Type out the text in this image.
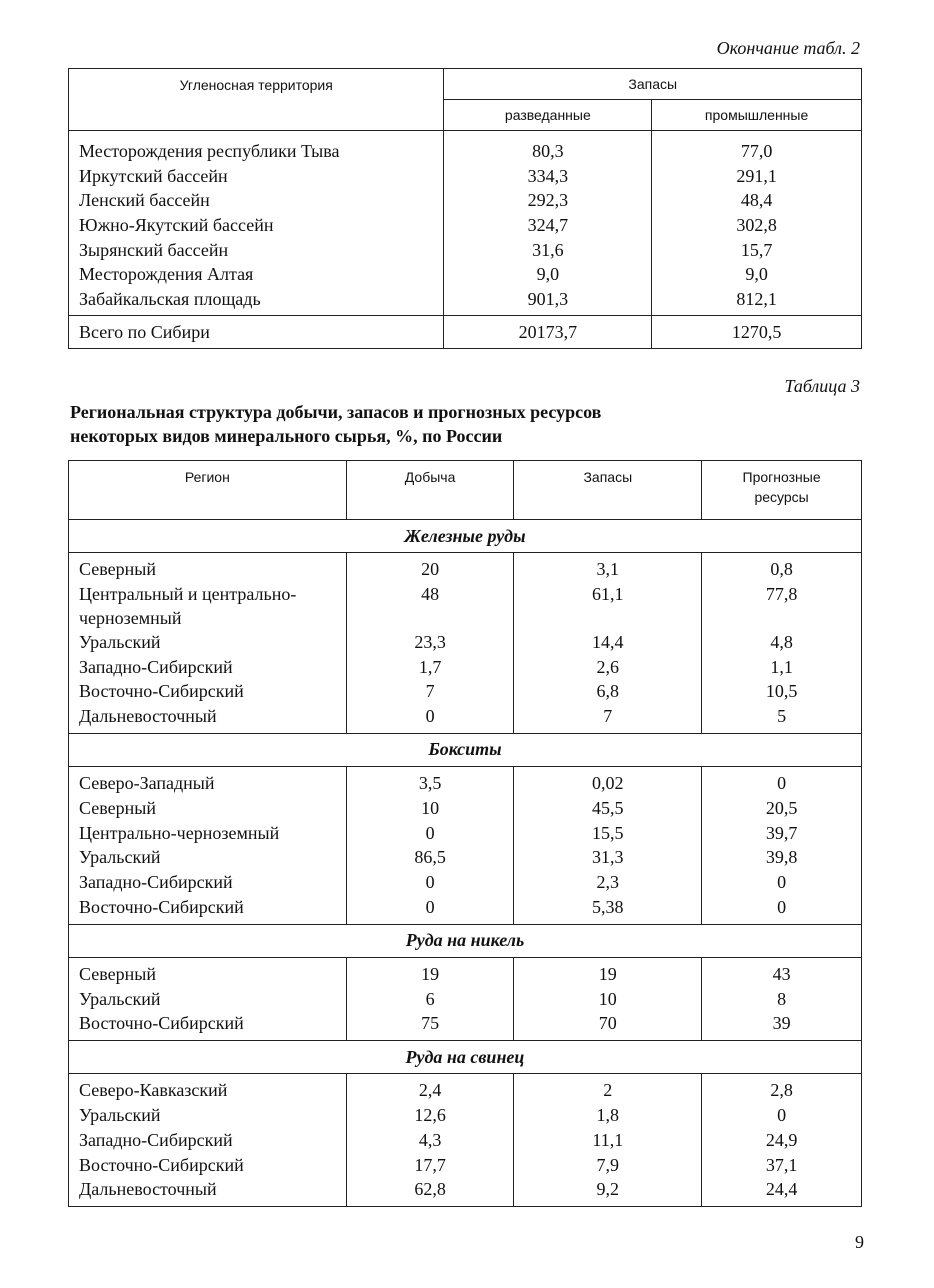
Окончание табл. 2
Угленосная территория	Запасы	
	разведанные	промышленные
Месторождения республики Тыва	80,3	77,0
Иркутский бассейн	334,3	291,1
Ленский бассейн	292,3	48,4
Южно-Якутский бассейн	324,7	302,8
Зырянский бассейн	31,6	15,7
Месторождения Алтая	9,0	9,0
Забайкальская площадь	901,3	812,1
Всего по Сибири	20173,7	1270,5
Таблица 3
Региональная структура добычи, запасов и прогнозных ресурсов
некоторых видов минерального сырья, %, по России
Регион	Добыча	Запасы	Прогнозные
ресурсы
Железные руды			
Северный	20	3,1	0,8
Центральный и центрально-
черноземный	48	61,1	77,8
Уральский	23,3	14,4	4,8
Западно-Сибирский	1,7	2,6	1,1
Восточно-Сибирский	7	6,8	10,5
Дальневосточный	0	7	5
Бокситы			
Северо-Западный	3,5	0,02	0
Северный	10	45,5	20,5
Центрально-черноземный	0	15,5	39,7
Уральский	86,5	31,3	39,8
Западно-Сибирский	0	2,3	0
Восточно-Сибирский	0	5,38	0
Руда на никель			
Северный	19	19	43
Уральский	6	10	8
Восточно-Сибирский	75	70	39
Руда на свинец			
Северо-Кавказский	2,4	2	2,8
Уральский	12,6	1,8	0
Западно-Сибирский	4,3	11,1	24,9
Восточно-Сибирский	17,7	7,9	37,1
Дальневосточный	62,8	9,2	24,4
9
